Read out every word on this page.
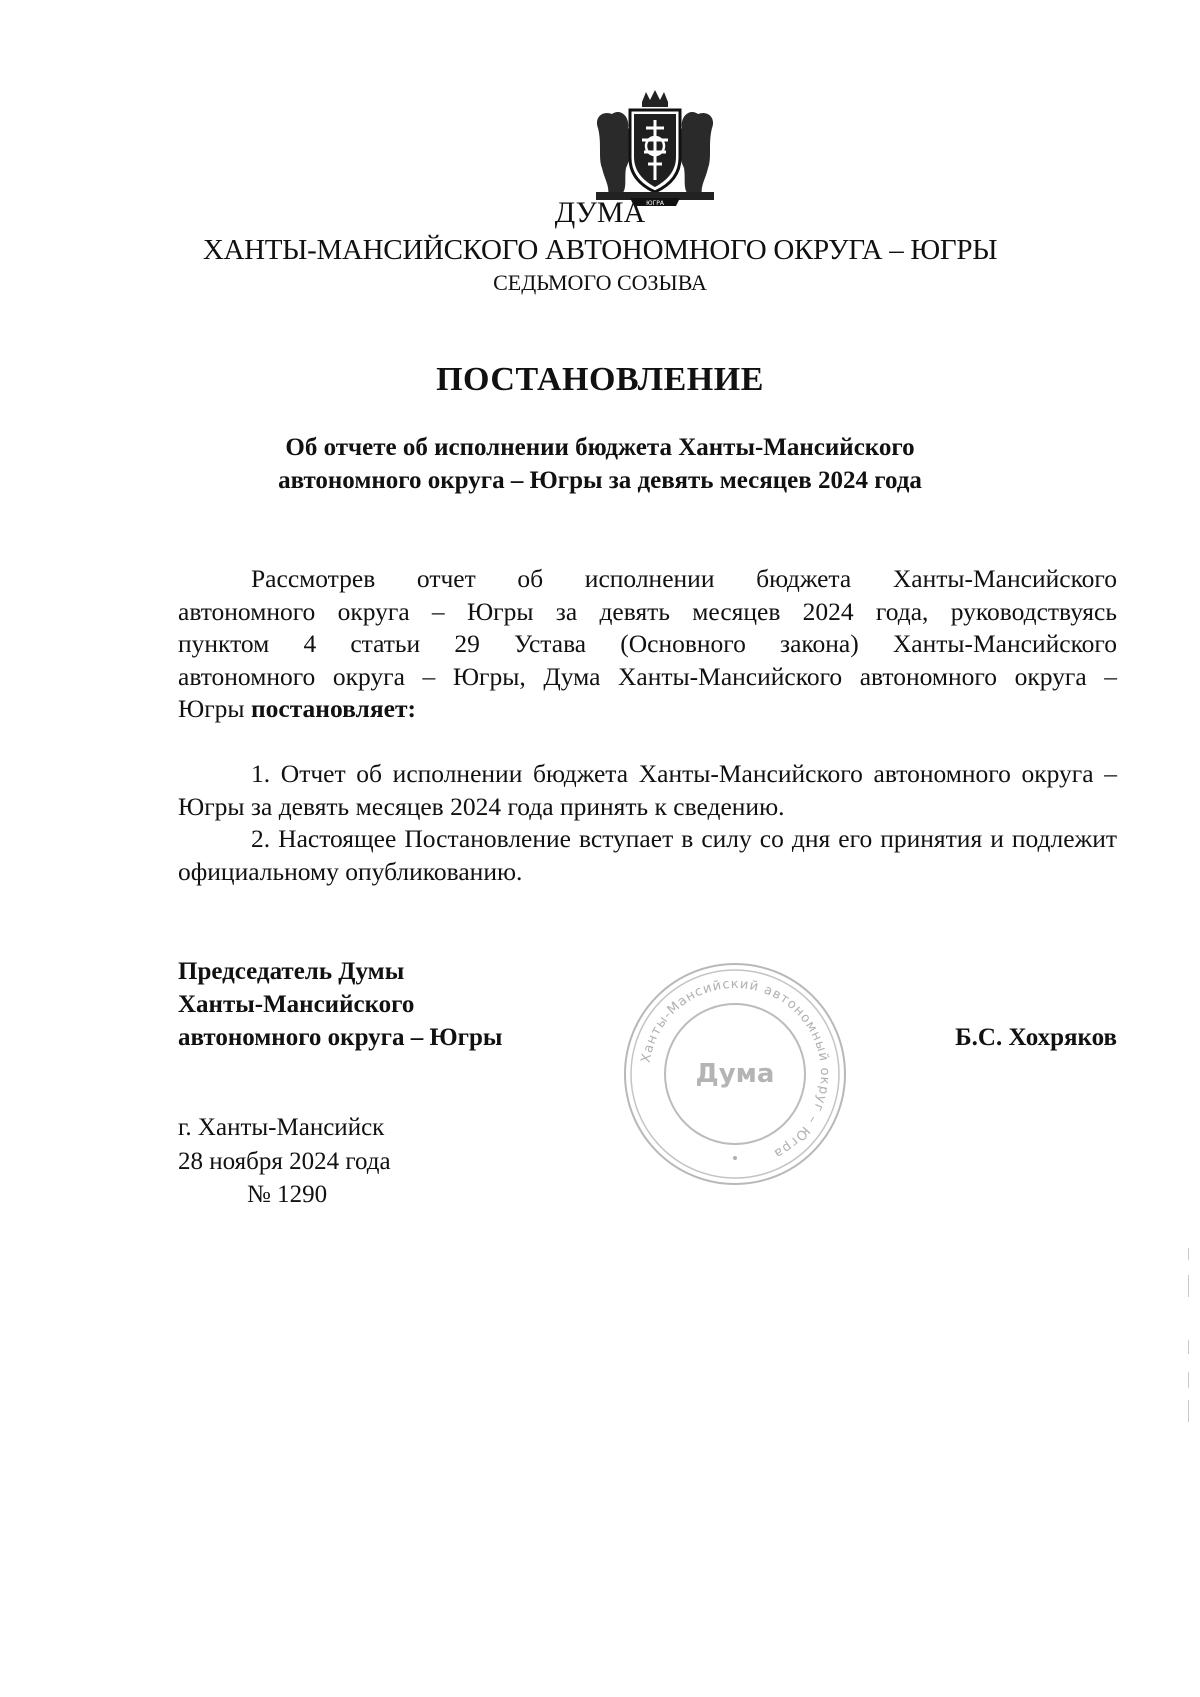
ЮГРА
ДУМА
ХАНТЫ-МАНСИЙСКОГО АВТОНОМНОГО ОКРУГА – ЮГРЫ
СЕДЬМОГО СОЗЫВА
ПОСТАНОВЛЕНИЕ
Об отчете об исполнении бюджета Ханты-Мансийского
автономного округа – Югры за девять месяцев 2024 года
Рассмотрев отчет об исполнении бюджета Ханты-Мансийского
автономного округа – Югры за девять месяцев 2024 года, руководствуясь
пунктом 4 статьи 29 Устава (Основного закона) Ханты-Мансийского
автономного округа – Югры, Дума Ханты-Мансийского автономного округа –
Югры постановляет:
1. Отчет об исполнении бюджета Ханты-Мансийского автономного округа – Югры за девять месяцев 2024 года принять к сведению.
2. Настоящее Постановление вступает в силу со дня его принятия и подлежит официальному опубликованию.
Председатель Думы
Ханты-Мансийского
автономного округа – Югры
Ханты-Мансийский автономный округ – Югра
Дума
Б.С. Хохряков
г. Ханты-Мансийск
28 ноября 2024 года
№ 1290
